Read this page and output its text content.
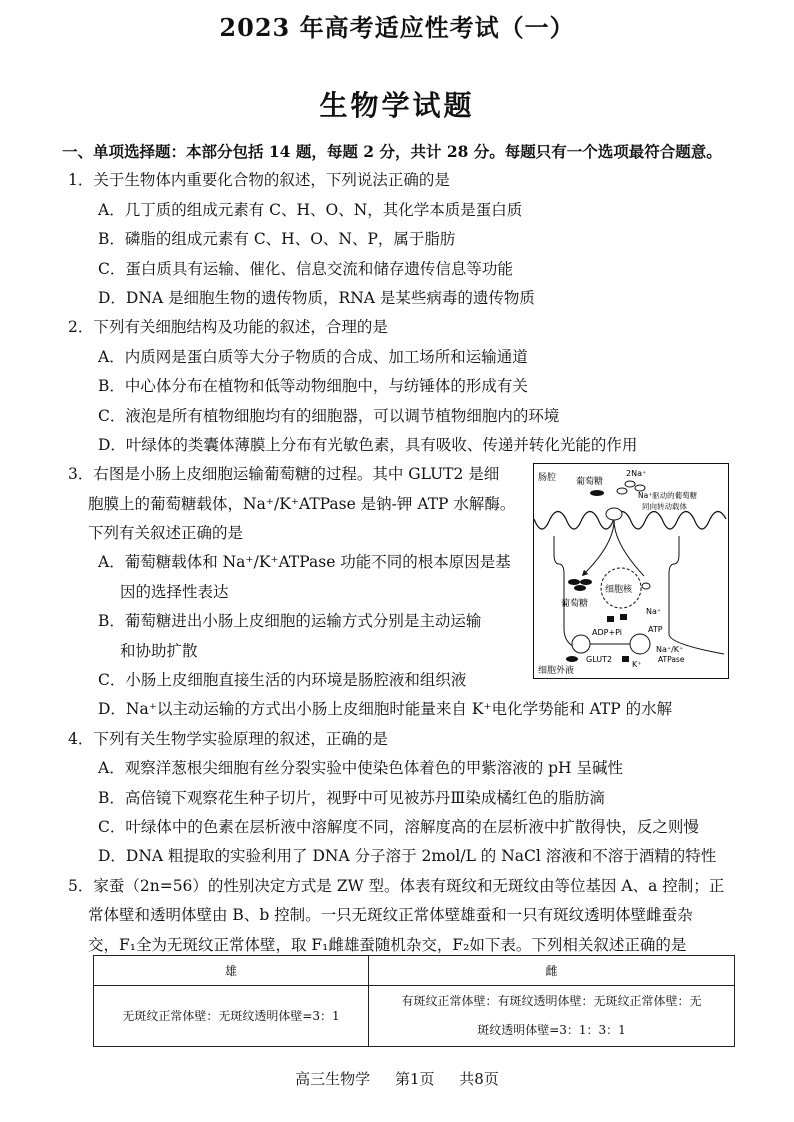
2023 年高考适应性考试（一）
生物学试题
一、单项选择题：本部分包括 14 题，每题 2 分，共计 28 分。每题只有一个选项最符合题意。
1．关于生物体内重要化合物的叙述，下列说法正确的是
A．几丁质的组成元素有 C、H、O、N，其化学本质是蛋白质
B．磷脂的组成元素有 C、H、O、N、P，属于脂肪
C．蛋白质具有运输、催化、信息交流和储存遗传信息等功能
D．DNA 是细胞生物的遗传物质，RNA 是某些病毒的遗传物质
2．下列有关细胞结构及功能的叙述，合理的是
A．内质网是蛋白质等大分子物质的合成、加工场所和运输通道
B．中心体分布在植物和低等动物细胞中，与纺锤体的形成有关
C．液泡是所有植物细胞均有的细胞器，可以调节植物细胞内的环境
D．叶绿体的类囊体薄膜上分布有光敏色素，具有吸收、传递并转化光能的作用
3．右图是小肠上皮细胞运输葡萄糖的过程。其中 GLUT2 是细
胞膜上的葡萄糖载体，Na⁺/K⁺ATPase 是钠-钾 ATP 水解酶。
下列有关叙述正确的是
A．葡萄糖载体和 Na⁺/K⁺ATPase 功能不同的根本原因是基
因的选择性表达
B．葡萄糖进出小肠上皮细胞的运输方式分别是主动运输
和协助扩散
C．小肠上皮细胞直接生活的内环境是肠腔液和组织液
D．Na⁺以主动运输的方式出小肠上皮细胞时能量来自 K⁺电化学势能和 ATP 的水解
4．下列有关生物学实验原理的叙述，正确的是
A．观察洋葱根尖细胞有丝分裂实验中使染色体着色的甲紫溶液的 pH 呈碱性
B．高倍镜下观察花生种子切片，视野中可见被苏丹Ⅲ染成橘红色的脂肪滴
C．叶绿体中的色素在层析液中溶解度不同，溶解度高的在层析液中扩散得快，反之则慢
D．DNA 粗提取的实验利用了 DNA 分子溶于 2mol/L 的 NaCl 溶液和不溶于酒精的特性
5．家蚕（2n=56）的性别决定方式是 ZW 型。体表有斑纹和无斑纹由等位基因 A、a 控制；正
常体壁和透明体壁由 B、b 控制。一只无斑纹正常体壁雄蚕和一只有斑纹透明体壁雌蚕杂
交，F₁全为无斑纹正常体壁，取 F₁雌雄蚕随机杂交，F₂如下表。下列相关叙述正确的是
肠腔 葡萄糖
2Na⁺
Na⁺驱动的葡萄糖
同向转动载体
细胞核
葡萄糖
Na⁺
ADP+Pi	ATP
Na⁺/K⁺
ATPase
GLUT2
K⁺
细胞外液
雄	雌
无斑纹正常体壁：无斑纹透明体壁=3：1	有斑纹正常体壁：有斑纹透明体壁：无斑纹正常体壁：无
斑纹透明体壁=3：1：3：1
高三生物学 第1页 共8页
